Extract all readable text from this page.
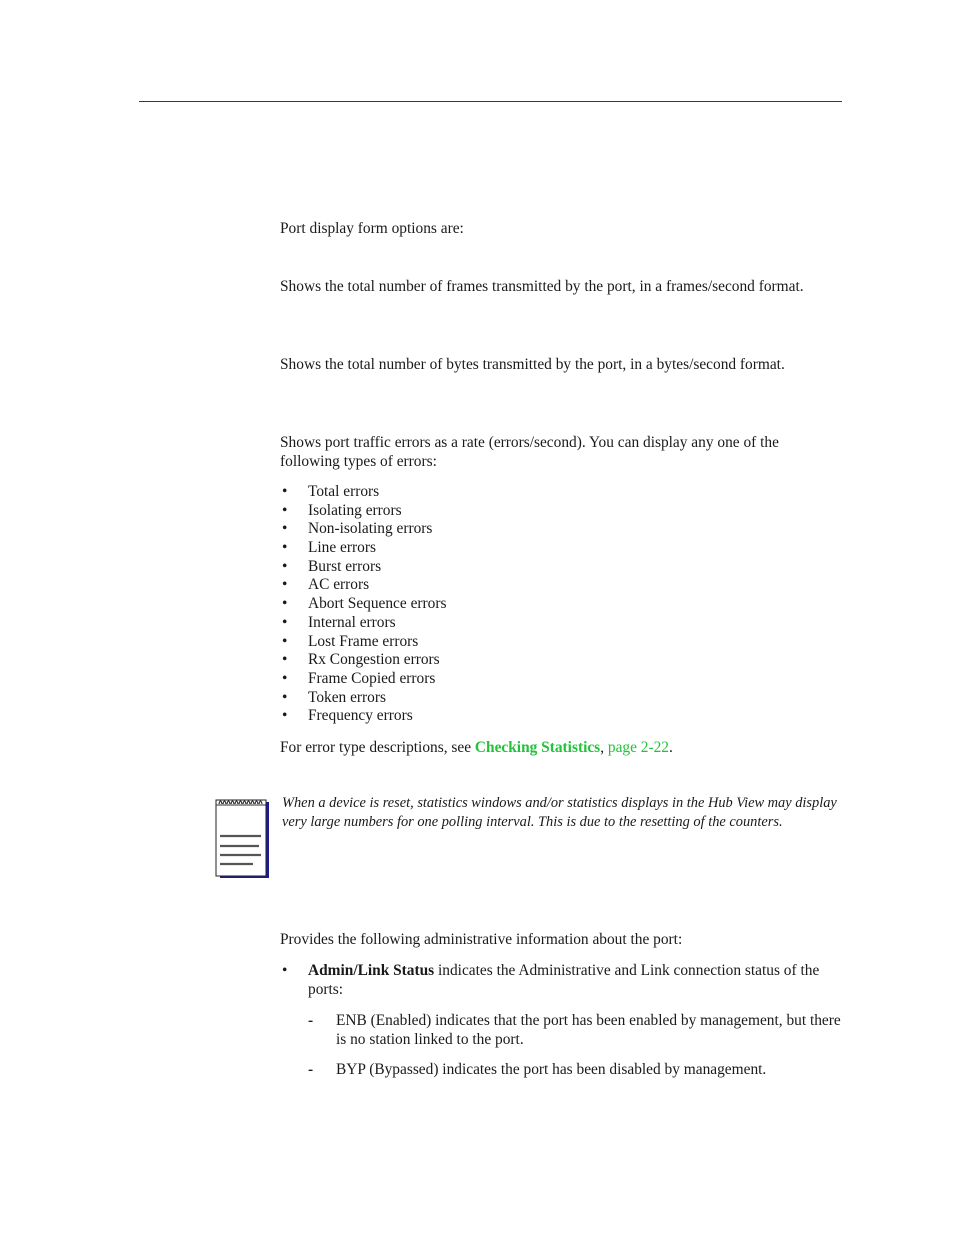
Port display form options are:
Shows the total number of frames transmitted by the port, in a frames/second format.
Shows the total number of bytes transmitted by the port, in a bytes/second format.
Shows port traffic errors as a rate (errors/second). You can display any one of the following types of errors:
• Total errors
• Isolating errors
• Non-isolating errors
• Line errors
• Burst errors
• AC errors
• Abort Sequence errors
• Internal errors
• Lost Frame errors
• Rx Congestion errors
• Frame Copied errors
• Token errors
• Frequency errors
For error type descriptions, see Checking Statistics, page 2-22.
When a device is reset, statistics windows and/or statistics displays in the Hub View may display very large numbers for one polling interval. This is due to the resetting of the counters.
Provides the following administrative information about the port:
• Admin/Link Status indicates the Administrative and Link connection status of the ports:
- ENB (Enabled) indicates that the port has been enabled by management, but there is no station linked to the port.
- BYP (Bypassed) indicates the port has been disabled by management.
